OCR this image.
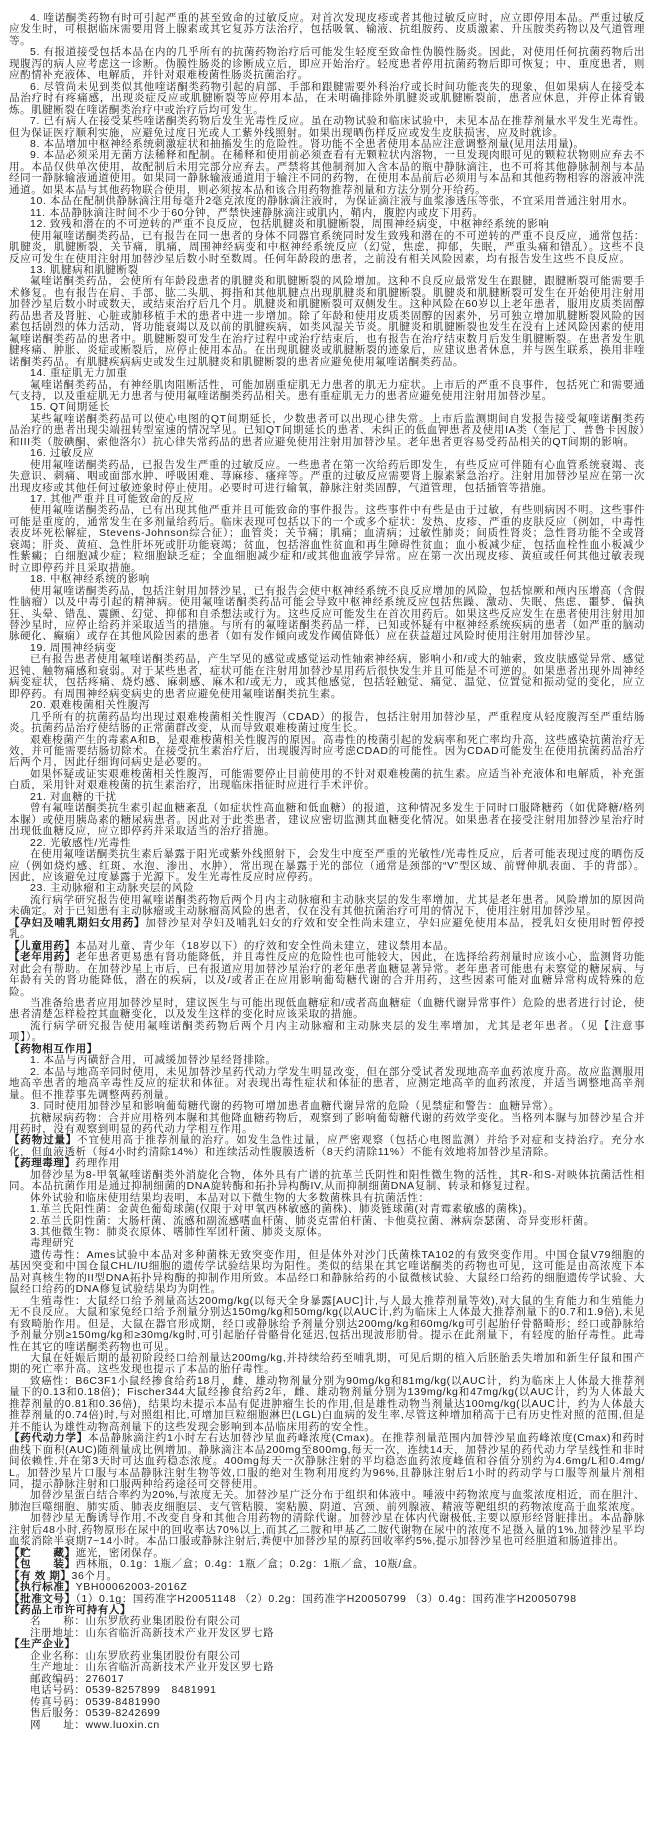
4. 喹诺酮类药物有时可引起严重的甚至致命的过敏反应。对首次发现皮疹或者其他过敏反应时，应立即停用本品。严重过敏反应发生时，可根据临床需要用肾上腺素或其它复苏方法治疗，包括吸氧、输液、抗组胺药、皮质激素、升压胺类药物以及气道管理等。

5. 有报道接受包括本品在内的几乎所有的抗菌药物治疗后可能发生轻度至致命性伪膜性肠炎。因此，对使用任何抗菌药物后出现腹泻的病人应考虑这一诊断。伪膜性肠炎的诊断成立后，即应开始治疗。轻度患者停用抗菌药物后即可恢复；中、重度患者，则应酌情补充液体、电解质，并针对艰难梭菌性肠炎抗菌治疗。

6. 尽管尚未见到类似其他喹诺酮类药物引起的肩部、手部和跟腱需要外科治疗或长时间功能丧失的现象，但如果病人在接受本品治疗时有疼痛感，出现炎症反应或肌腱断裂等应停用本品，在未明确排除外肌腱炎或肌腱断裂前，患者应休息，并停止体育锻炼。肌腱断裂在喹诺酮类治疗中或治疗后均可发生。

7. 已有病人在接受某些喹诺酮类药物后发生光毒性反应。虽在动物试验和临床试验中，未见本品在推荐剂量水平发生光毒性。但为保证医疗顺利实施，应避免过度日光或人工紫外线照射。如果出现晒伤样反应或发生皮肤损害，应及时就诊。

8. 本品增加中枢神经系统刺激症状和抽搐发生的危险性。肾功能不全患者使用本品应注意调整剂量(见用法用量)。

9. 本品必须采用无菌方法稀释和配制。在稀释和使用前必须查看有无颗粒状内溶物，一旦发现肉眼可见的颗粒状物则应弃去不用。本品仅供单次使用，故配制后未用完部分应弃去。严禁将其他制剂加入含本品的瓶中静脉滴注，也不可将其他静脉制剂与本品经同一静脉输液通道使用。如果同一静脉输液通道用于输注不同的药物，在使用本品前后必须用与本品和其他药物相容的溶液冲洗通道。如果本品与其他药物联合使用，则必须按本品和该合用药物推荐剂量和方法分别分开给药。

10. 本品在配制供静脉滴注用每毫升2毫克浓度的静脉滴注液时，为保证滴注液与血浆渗透压等张，不宜采用普通注射用水。

11. 本品静脉滴注时间不少于60分钟，严禁快速静脉滴注或肌内，鞘内，腹腔内或皮下用药。

12. 致残和潜在的不可逆转的严重不良反应，包括肌腱炎和肌腱断裂，周围神经病变，中枢神经系统的影响

使用氟喹诺酮类药品，已有报告在同一患者的身体不同器官系统同时发生致残和潜在的不可逆转的严重不良反应，通常包括：肌腱炎，肌腱断裂，关节痛，肌痛，周围神经病变和中枢神经系统反应（幻觉，焦虑，抑郁，失眠，严重头痛和错乱）。这些不良反应可发生在使用注射用加替沙星后数小时至数周。任何年龄段的患者，之前没有相关风险因素，均有报告发生这些不良反应。

13. 肌腱病和肌腱断裂

氟喹诺酮类药品，会使所有年龄段患者的肌腱炎和肌腱断裂的风险增加。这种不良反应最常发生在跟腱，跟腱断裂可能需要手术修复。也有报告在肩、手部、肱二头肌、拇指和其他肌腱点出现肌腱炎和肌腱断裂。肌腱炎和肌腱断裂可发生在开始使用注射用加替沙星后数小时或数天，或结束治疗后几个月。肌腱炎和肌腱断裂可双侧发生。这种风险在60岁以上老年患者，服用皮质类固醇药品患者及肾脏、心脏或肺移植手术的患者中进一步增加。除了年龄和使用皮质类固醇的因素外，另可独立增加肌腱断裂风险的因素包括剧烈的体力活动，肾功能衰竭以及以前的肌腱疾病，如类风湿关节炎。肌腱炎和肌腱断裂也发生在没有上述风险因素的使用氟喹诺酮类药品的患者中。肌腱断裂可发生在治疗过程中或治疗结束后，也有报告在治疗结束数月后发生肌腱断裂。在患者发生肌腱疼痛、肿胀、炎症或断裂后，应停止使用本品。在出现肌腱炎或肌腱断裂的迹象后，应建议患者休息，并与医生联系，换用非喹诺酮类药品。有肌腱疾病病史或发生过肌腱炎和肌腱断裂的患者应避免使用氟喹诺酮类药品。

14. 重症肌无力加重

氟喹诺酮类药品，有神经肌肉阻断活性，可能加剧重症肌无力患者的肌无力症状。上市后的严重不良事件，包括死亡和需要通气支持，以及重症肌无力患者与使用氟喹诺酮类药品相关。患有重症肌无力的患者应避免使用注射用加替沙星。

15. QT间期延长

某些氟喹诺酮类药品可以使心电图的QT间期延长，少数患者可以出现心律失常。上市后监测期间自发报告接受氟喹诺酮类药品治疗的患者出现尖端扭转型室速的情况罕见。已知QT间期延长的患者、未纠正的低血钾患者及使用IA类（奎尼丁、普鲁卡因胺）和III类（胺碘酮、索他洛尔）抗心律失常药品的患者应避免使用注射用加替沙星。老年患者更容易受药品相关的QT间期的影响。

16. 过敏反应

使用氟喹诺酮类药品，已报告发生严重的过敏反应。一些患者在第一次给药后即发生，有些反应可伴随有心血管系统衰竭、丧失意识、刺痛、咽或面部水肿、呼吸困难、荨麻疹、瘙痒等。严重的过敏反应需要肾上腺素紧急治疗。注射用加替沙星应在第一次出现皮疹或其他任何过敏迹象时停止使用。必要时可进行输氧，静脉注射类固醇，气道管理，包括插管等措施。

17. 其他严重并且可能致命的反应

使用氟喹诺酮类药品，已有出现其他严重并且可能致命的事件报告。这些事件中有些是由于过敏，有些则病因不明。这些事件可能是重度的，通常发生在多剂量给药后。临床表现可包括以下的一个或多个症状：发热、皮疹、严重的皮肤反应（例如，中毒性表皮坏死松解症，Stevens-Johnson综合征）；血管炎；关节痛；肌痛；血清病；过敏性肺炎；间质性肾炎；急性肾功能不全或肾衰竭；肝炎、黄疸、急性肝坏死或肝功能衰竭；贫血，包括溶血性贫血和再生障碍性贫血；血小板减少症，包括血栓性血小板减少性紫癜；白细胞减少症；粒细胞缺乏症；全血细胞减少症和/或其他血液学异常。应在第一次出现皮疹、黄疸或任何其他过敏表现时立即停药并且采取措施。

18. 中枢神经系统的影响

使用氟喹诺酮类药品，包括注射用加替沙星，已有报告会使中枢神经系统不良反应增加的风险，包括惊厥和颅内压增高（含假性脑瘤）以及中毒引起的精神病。使用氟喹诺酮类药品可能会导致中枢神经系统反应包括焦躁、激动、失眠、焦虑、噩梦、偏执狂、头晕、错乱、震颤、幻觉、抑郁和自杀想法或行为。这些反应可能发生在首次用药后。如果这些反应发生在患者使用注射用加替沙星时，应停止给药并采取适当的措施。与所有的氟喹诺酮类药品一样，已知或怀疑有中枢神经系统疾病的患者（如严重的脑动脉硬化、癫痫）或存在其他风险因素的患者（如有发作倾向或发作阈值降低）应在获益超过风险时使用注射用加替沙星。

19. 周围神经病变

已有报告患者使用氟喹诺酮类药品，产生罕见的感觉或感觉运动性轴索神经病，影响小和/或大的轴索，致皮肤感觉异常、感觉迟钝、触物痛感和衰弱。对于某些患者，症状可能在注射用加替沙星用药后很快发生并且可能是不可逆的。如果患者出现外周神经病变症状，包括疼痛、烧灼感、麻刺感、麻木和/或无力，或其他感觉，包括轻触觉、痛觉、温觉、位置觉和振动觉的变化，应立即停药。有周围神经病变病史的患者应避免使用氟喹诺酮类抗生素。

20. 艰难梭菌相关性腹泻

几乎所有的抗菌药品均出现过艰难梭菌相关性腹泻（CDAD）的报告，包括注射用加替沙星，严重程度从轻度腹泻至严重结肠炎。抗菌药品治疗使结肠的正常菌群改变，从而导致艰难梭菌过度生长。

艰难梭菌产生的毒素A和B，是艰难梭菌相关性腹泻的原因。高毒性的梭菌引起的发病率和死亡率均升高，这些感染抗菌治疗无效，并可能需要结肠切除术。在接受抗生素治疗后，出现腹泻时应考虑CDAD的可能性。因为CDAD可能发生在使用抗菌药品治疗后两个月，因此仔细询问病史是必要的。

如果怀疑或证实艰难梭菌相关性腹泻，可能需要停止目前使用的不针对艰难梭菌的抗生素。应适当补充液体和电解质，补充蛋白质，采用针对艰难梭菌的抗生素治疗，出现临床指征时应进行手术评价。

21. 对血糖的干扰

曾有氟喹诺酮类抗生素引起血糖紊乱（如症状性高血糖和低血糖）的报道，这种情况多发生于同时口服降糖药（如优降糖/格列本脲）或使用胰岛素的糖尿病患者。因此对于此类患者，建议应密切监测其血糖变化情况。如果患者在接受注射用加替沙星治疗时出现低血糖反应，应立即停药并采取适当的治疗措施。

22. 光敏感性/光毒性

在使用氟喹诺酮类抗生素后暴露于阳光或紫外线照射下，会发生中度至严重的光敏性/光毒性反应，后者可能表现过度的晒伤反应（例如烧灼感、红斑、水泡、渗出、水肿），常出现在暴露于光的部位（通常是颈部的“V”型区域、前臂伸肌表面、手的背部）。因此，应该避免过度暴露于光源下。发生光毒性反应时应停药。

23. 主动脉瘤和主动脉夹层的风险

流行病学研究报告使用氟喹诺酮类药物后两个月内主动脉瘤和主动脉夹层的发生率增加，尤其是老年患者。风险增加的原因尚未确定。对于已知患有主动脉瘤或主动脉瘤高风险的患者，仅在没有其他抗菌治疗可用的情况下，使用注射用加替沙星。

【孕妇及哺乳期妇女用药】加替沙星对孕妇及哺乳妇女的疗效和安全性尚未建立，孕妇应避免使用本品，授乳妇女使用时暂停授乳。

【儿童用药】本品对儿童、青少年（18岁以下）的疗效和安全性尚未建立，建议禁用本品。

【老年用药】老年患者更易患有肾功能降低，并且毒性反应的危险性也可能较大，因此，在选择给药剂量时应该小心，监测肾功能对此会有帮助。在加替沙星上市后，已有报道应用加替沙星治疗的老年患者血糖显著异常。老年患者可能患有未察觉的糖尿病、与年龄有关的肾功能降低，潜在的疾病，以及/或者正在应用影响葡萄糖代谢的合并用药，这些因素可能对血糖异常构成特殊的危险。

当准备给患者应用加替沙星时，建议医生与可能出现低血糖症和/或者高血糖症（血糖代谢异常事件）危险的患者进行讨论，使患者清楚怎样检控其血糖变化，以及发生这样的变化时应该采取的措施。

流行病学研究报告使用氟喹诺酮类药物后两个月内主动脉瘤和主动脉夹层的发生率增加，尤其是老年患者。（见【注意事项】）。

【药物相互作用】

1. 本品与丙磺舒合用，可减缓加替沙星经肾排除。

2. 本品与地高辛同时使用，未见加替沙星药代动力学发生明显改变，但在部分受试者发现地高辛血药浓度升高。故应监测服用地高辛患者的地高辛毒性反应的症状和体征。对表现出毒性症状和体征的患者，应测定地高辛的血药浓度，并适当调整地高辛剂量。但不推荐事先调整两药剂量。

3. 同时使用加替沙星和影响葡萄糖代谢的药物可增加患者血糖代谢异常的危险（见禁症和警告：血糖异常）。

抗糖尿病药物：合并应用格列本脲和其他降血糖药物后，观察到了影响葡萄糖代谢的药效学变化。当格列本脲与加替沙星合并用药时，没有观察到明显的药代动力学相互作用。

【药物过量】不宜使用高于推荐剂量的治疗。如发生急性过量，应严密观察（包括心电图监测）并给予对症和支持治疗。充分水化，但血液透析（每4小时约清除14%）和连续活动性腹膜透析（8天约清除11%）不能有效地将加替沙星清除。

【药理毒理】药理作用

加替沙星为8-甲氧氟喹诺酮类外消旋化合物，体外具有广谱的抗革兰氏阴性和阳性微生物的活性，其R-和S-对映体抗菌活性相同。本品抗菌作用是通过抑制细菌的DNA旋转酶和拓扑异构酶IV,从而抑制细菌DNA复制、转录和修复过程。

体外试验和临床使用结果均表明，本品对以下微生物的大多数菌株具有抗菌活性：

1.革兰氏阳性菌：金黄色葡萄球菌(仅限于对甲氧西林敏感的菌株)、肺炎链球菌(对青霉素敏感的菌株)。

2.革兰氏阴性菌：大肠杆菌、流感和副流感嗜血杆菌、肺炎克雷伯杆菌、卡他莫拉菌、淋病奈瑟菌、奇异变形杆菌。

3.其他微生物：肺炎衣原体、嗜肺性军团杆菌、肺炎支原体。

毒理研究

遗传毒性：Ames试验中本品对多种菌株无致突变作用，但是体外对沙门氏菌株TA102的有致突变作用。中国仓鼠V79细胞的基因突变和中国仓鼠CHL/IU细胞的遗传学试验结果均为阳性。类似的结果在其它喹诺酮类的药物也可见，这可能是由高浓度下本品对真核生物的II型DNA拓扑异构酶的抑制作用所致。本品经口和静脉给药的小鼠微核试验、大鼠经口给药的细胞遗传学试验、大鼠经口给药的DNA修复试验结果均为阴性。

生殖毒性：大鼠经口给予剂量高达200mg/kg(以每天全身暴露[AUC]计,与人最大推荐剂量等效),对大鼠的生育能力和生殖能力无不良反应。大鼠和家兔经口给予剂量分别达150mg/kg和50mg/kg(以AUC计,约为临床上人体最大推荐剂量下的0.7和1.9倍),未见有致畸胎作用。但是，大鼠在器官形成期，经口或静脉给予剂量分别达200mg/kg和60mg/kg可引起胎仔骨骼畸形；经口或静脉给予剂量分别≥150mg/kg和≥30mg/kg时,可引起胎仔骨骼骨化延迟,包括出现波形肋骨。提示在此剂量下，有轻度的胎仔毒性。此毒性在其它的喹诺酮类药物也可见。

大鼠在妊娠后期的最初阶段经口给剂量达200mg/kg,并持续给药至哺乳期，可见后期的植入后胚胎丢失增加和新生仔鼠和围产期的死亡率升高。这些发现也提示了本品的胎仔毒性。

致癌性：B6C3F1小鼠经掺食给药18月，雌、雄动物剂量分别为90mg/kg和81mg/kg(以AUC计，约为临床上人体最大推荐剂量下的0.13和0.18倍)；Fischer344大鼠经掺食给药2年，雌、雄动物剂量分别为139mg/kg和47mg/kg(以AUC计，约为人体最大推荐剂量的0.81和0.36倍)，结果均未提示本品有促进肿瘤生长的作用,但是雄性动物当剂量达100mg/kg(以AUC计，约为人体最大推荐剂量的0.74倍)时,与对照组相比,可增加巨粒细胞淋巴(LGL)白血病的发生率,尽管这种增加稍高于已有历史性对照的范围,但是并不能认为雄性动物高剂量下的这些发现会影响到本品临床用药的安全性。

【药代动力学】本品静脉滴注约1小时左右达加替沙星血药峰浓度(Cmax)。在推荐剂量范围内加替沙星血药峰浓度(Cmax)和药时曲线下面积(AUC)随剂量成比例增加。静脉滴注本品200mg至800mg,每天一次，连续14天，加替沙星的药代动力学呈线性和非时间依赖性,并在第3天时可达血药稳态浓度。400mg每天一次静脉注射的平均稳态血药浓度峰值和谷值分别约为4.6mg/L和0.4mg/L。加替沙星片口服与本品静脉注射生物等效,口服的绝对生物利用度约为96%,且静脉注射后1小时的药动学与口服等剂量片剂相同，提示静脉注射和口服两种给药途径可交替使用。

加替沙星蛋白结合率约为20%,与浓度无关。加替沙星广泛分布于组织和体液中。唾液中药物浓度与血浆浓度相近，而在胆汁、肺泡巨噬细胞、肺实质、肺表皮细胞层、支气管粘膜、窦粘膜、阴道、宫颈、前列腺液、精液等靶组织的药物浓度高于血浆浓度。

加替沙星无酶诱导作用,不改变自身和其他合用药物的清除代谢。加替沙星在体内代谢极低,主要以原形经肾脏排出。本品静脉注射后48小时,药物原形在尿中的回收率达70%以上,而其乙二胺和甲基乙二胺代谢物在尿中的浓度不足摄入量的1%,加替沙星平均血浆消除半衰期7~14小时。本品口服或静脉注射后,粪便中加替沙星的原药回收率约5%,提示加替沙星也可经胆道和肠道排出。

【贮　　藏】遮光，密闭保存。

【包　　装】西林瓶，0.1g：1瓶／盒；0.4g：1瓶／盒；0.2g：1瓶／盒，10瓶/盒。

【有 效 期】36个月。

【执行标准】YBH00062003-2016Z

【批准文号】（1）0.1g：国药准字H20051148 （2）0.2g：国药准字H20050799 （3）0.4g：国药准字H20050798

【药品上市许可持有人】

名　　称：山东罗欣药业集团股份有限公司

注册地址：山东省临沂高新技术产业开发区罗七路

【生产企业】

企业名称：山东罗欣药业集团股份有限公司

生产地址：山东省临沂高新技术产业开发区罗七路

邮政编码：276017

电话号码：0539-8257899　8481991

传真号码：0539-8481990

售后服务：0539-8242699

网　　址：www.luoxin.cn
